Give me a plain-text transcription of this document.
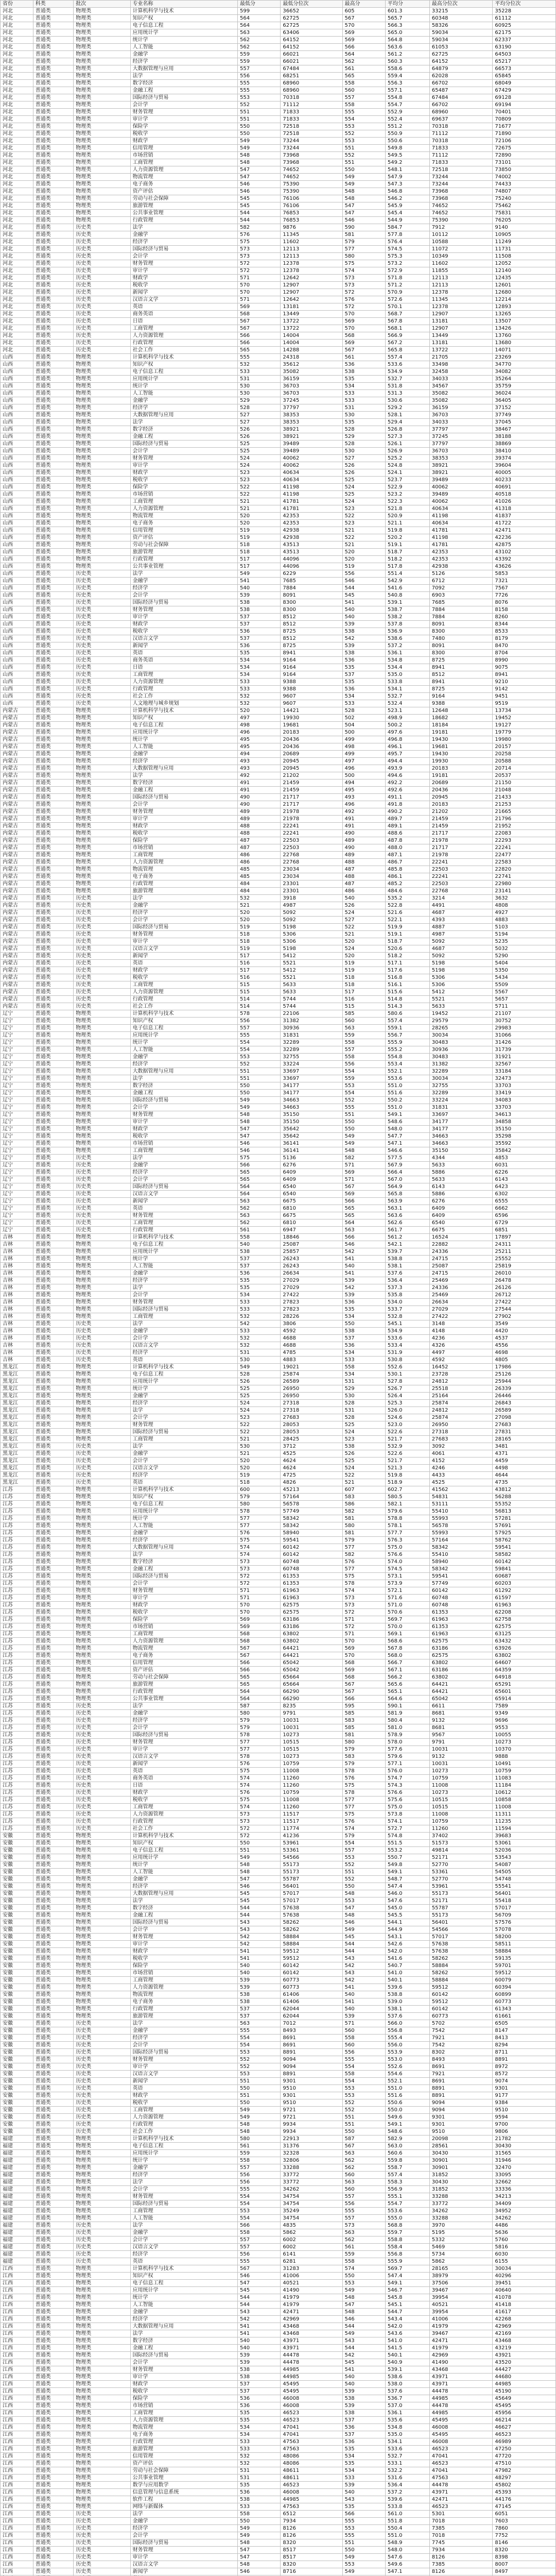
省份	科类	批次	专业名称	最低分	最低分位次	最高分	平均分	最高分位次	平均分位次
河北	普通类	物理类	计算机科学与技术	599	36652	605	601.3	33215	35228
河北	普通类	物理类	知识产权	564	62725	567	565.7	60348	61112
河北	普通类	物理类	电子信息工程	564	62725	570	566.3	58326	60925
河北	普通类	物理类	应用统计学	563	63406	569	565.0	59034	62175
河北	普通类	物理类	统计学	562	64152	569	564.8	59034	62337
河北	普通类	物理类	人工智能	562	64152	566	563.6	61053	63190
河北	普通类	物理类	金融学	559	66021	564	561.2	62725	64503
河北	普通类	物理类	经济学	559	66021	562	560.3	64152	65217
河北	普通类	物理类	大数据管理与应用	557	67484	561	558.6	64879	66573
河北	普通类	物理类	法学	556	68251	565	559.4	62028	65845
河北	普通类	物理类	数字经济	555	68960	558	556.3	66702	68049
河北	普通类	物理类	金融工程	555	68960	560	557.1	65487	67429
河北	普通类	物理类	国际经济与贸易	553	70318	557	554.8	67484	69128
河北	普通类	物理类	会计学	552	71112	558	554.7	66702	69194
河北	普通类	物理类	财务管理	551	71833	555	552.9	68960	70401
河北	普通类	物理类	审计学	551	71833	554	552.4	69637	70809
河北	普通类	物理类	保险学	550	72518	553	551.2	70318	71677
河北	普通类	物理类	税收学	550	72518	552	550.9	71112	71890
河北	普通类	物理类	财政学	549	73244	553	550.6	70318	72106
河北	普通类	物理类	信用管理	549	73244	551	549.8	71833	72675
河北	普通类	物理类	市场营销	548	73968	552	549.5	71112	72890
河北	普通类	物理类	工商管理	548	73968	551	549.2	71833	73101
河北	普通类	物理类	人力资源管理	547	74652	550	548.1	72518	73850
河北	普通类	物理类	物流管理	547	74652	549	547.9	73244	74002
河北	普通类	物理类	电子商务	546	75390	549	547.3	73244	74433
河北	普通类	物理类	资产评估	546	75390	548	546.8	73968	74807
河北	普通类	物理类	劳动与社会保障	545	76106	548	546.2	73968	75240
河北	普通类	物理类	旅游管理	545	76106	547	545.9	74652	75462
河北	普通类	物理类	公共事业管理	544	76853	547	545.4	74652	75831
河北	普通类	物理类	行政管理	544	76853	546	544.9	75390	76205
河北	普通类	历史类	法学	582	9876	590	584.7	7912	9140
河北	普通类	历史类	金融学	576	11345	581	577.8	10112	10905
河北	普通类	历史类	经济学	575	11602	579	576.4	10588	11249
河北	普通类	历史类	国际经济与贸易	573	12113	577	574.5	11072	11731
河北	普通类	历史类	会计学	573	12113	580	575.3	10349	11508
河北	普通类	历史类	财务管理	572	12378	575	573.2	11602	12052
河北	普通类	历史类	审计学	572	12378	574	572.9	11855	12140
河北	普通类	历史类	财政学	571	12642	573	571.8	12113	12435
河北	普通类	历史类	税收学	570	12907	573	571.2	12113	12601
河北	普通类	历史类	新闻学	570	12907	572	570.9	12378	12680
河北	普通类	历史类	汉语言文学	571	12642	576	572.6	11345	12214
河北	普通类	历史类	英语	569	13181	572	570.1	12378	12893
河北	普通类	历史类	商务英语	568	13449	570	568.7	12907	13265
河北	普通类	历史类	日语	567	13722	569	567.8	13181	13507
河北	普通类	历史类	工商管理	567	13722	570	568.1	12907	13426
河北	普通类	历史类	人力资源管理	566	14004	568	566.9	13449	13760
河北	普通类	历史类	行政管理	566	14004	569	567.2	13181	13680
河北	普通类	历史类	社会工作	565	14288	567	565.8	13722	14071
山西	普通类	物理类	计算机科学与技术	555	24318	561	557.4	21705	23269
山西	普通类	物理类	知识产权	532	35612	536	533.6	33498	34770
山西	普通类	物理类	电子信息工程	533	35082	538	534.9	32458	34082
山西	普通类	物理类	应用统计学	531	36159	535	532.7	34033	35264
山西	普通类	物理类	统计学	530	36703	534	531.8	34567	35759
山西	普通类	物理类	人工智能	530	36703	533	531.3	35082	36024
山西	普通类	物理类	金融学	529	37245	533	530.6	35082	36405
山西	普通类	物理类	经济学	528	37797	531	529.2	36159	37152
山西	普通类	物理类	大数据管理与应用	527	38353	530	528.1	36703	37749
山西	普通类	物理类	法学	527	38353	535	529.4	34033	37045
山西	普通类	物理类	数字经济	526	38921	528	526.8	37797	38467
山西	普通类	物理类	金融工程	526	38921	529	527.3	37245	38188
山西	普通类	物理类	国际经济与贸易	525	39489	528	526.1	37797	38869
山西	普通类	物理类	会计学	525	39489	530	526.9	36703	38410
山西	普通类	物理类	财务管理	524	40062	527	525.2	38353	39374
山西	普通类	物理类	审计学	524	40062	526	524.8	38921	39604
山西	普通类	物理类	财政学	523	40634	526	524.1	38921	40005
山西	普通类	物理类	税收学	523	40634	525	523.7	39489	40233
山西	普通类	物理类	保险学	522	41198	524	522.9	40062	40691
山西	普通类	物理类	市场营销	522	41198	525	523.2	39489	40518
山西	普通类	物理类	工商管理	521	41781	524	522.3	40062	41026
山西	普通类	物理类	人力资源管理	521	41781	523	521.8	40634	41318
山西	普通类	物理类	物流管理	520	42353	522	520.9	41198	41837
山西	普通类	物理类	电子商务	520	42353	523	521.1	40634	41722
山西	普通类	物理类	信用管理	519	42938	521	519.8	41781	42471
山西	普通类	物理类	资产评估	519	42938	522	520.2	41198	42236
山西	普通类	物理类	劳动与社会保障	518	43513	521	519.1	41781	42875
山西	普通类	物理类	旅游管理	518	43513	520	518.7	42353	43102
山西	普通类	物理类	行政管理	517	44096	520	518.2	42353	43392
山西	普通类	物理类	公共事业管理	517	44096	519	517.8	42938	43626
山西	普通类	历史类	法学	549	6229	556	551.4	5126	5853
山西	普通类	历史类	金融学	541	7685	546	542.9	6712	7321
山西	普通类	历史类	经济学	540	7884	544	541.6	7092	7567
山西	普通类	历史类	会计学	539	8091	545	540.8	6903	7726
山西	普通类	历史类	国际经济与贸易	538	8300	541	539.1	7685	8076
山西	普通类	历史类	财务管理	538	8300	540	538.7	7884	8158
山西	普通类	历史类	审计学	537	8512	540	538.2	7884	8260
山西	普通类	历史类	财政学	537	8512	539	537.8	8091	8344
山西	普通类	历史类	税收学	536	8725	538	536.9	8300	8533
山西	普通类	历史类	汉语言文学	537	8512	542	538.6	7480	8179
山西	普通类	历史类	新闻学	536	8725	539	537.2	8091	8470
山西	普通类	历史类	英语	535	8941	538	536.1	8300	8704
山西	普通类	历史类	商务英语	534	9164	536	534.8	8725	8990
山西	普通类	历史类	日语	534	9164	535	534.4	8941	9075
山西	普通类	历史类	工商管理	534	9164	537	535.0	8512	8941
山西	普通类	历史类	人力资源管理	533	9388	535	533.8	8941	9210
山西	普通类	历史类	行政管理	533	9388	536	534.1	8725	9142
山西	普通类	历史类	社会工作	532	9607	534	532.7	9164	9451
山西	普通类	历史类	人文地理与城乡规划	532	9607	533	532.4	9388	9519
内蒙古	普通类	物理类	计算机科学与技术	520	14421	528	523.1	12648	13734
内蒙古	普通类	物理类	知识产权	497	19930	502	498.9	18682	19452
内蒙古	普通类	物理类	电子信息工程	498	19681	504	500.2	18184	19127
内蒙古	普通类	物理类	应用统计学	496	20183	500	497.6	19181	19779
内蒙古	普通类	物理类	统计学	495	20436	499	496.8	19430	19980
内蒙古	普通类	物理类	人工智能	495	20436	498	496.1	19681	20157
内蒙古	普通类	物理类	金融学	494	20689	499	495.7	19430	20258
内蒙古	普通类	物理类	经济学	493	20945	497	494.4	19930	20588
内蒙古	普通类	物理类	大数据管理与应用	493	20945	496	493.9	20183	20714
内蒙古	普通类	物理类	法学	492	21202	500	494.6	19181	20537
内蒙古	普通类	物理类	数字经济	491	21459	494	492.2	20689	21150
内蒙古	普通类	物理类	金融工程	491	21459	495	492.6	20436	21048
内蒙古	普通类	物理类	国际经济与贸易	490	21717	493	491.1	20945	21433
内蒙古	普通类	物理类	会计学	490	21717	496	491.8	20183	21253
内蒙古	普通类	物理类	财务管理	489	21978	492	490.2	21202	21665
内蒙古	普通类	物理类	审计学	489	21978	491	489.7	21459	21796
内蒙古	普通类	物理类	财政学	488	22241	491	489.1	21459	21952
内蒙古	普通类	物理类	税收学	488	22241	490	488.6	21717	22083
内蒙古	普通类	物理类	保险学	487	22503	489	487.8	21978	22293
内蒙古	普通类	物理类	市场营销	487	22503	490	488.0	21717	22241
内蒙古	普通类	物理类	工商管理	486	22768	489	487.1	21978	22477
内蒙古	普通类	物理类	人力资源管理	486	22768	488	486.7	22241	22583
内蒙古	普通类	物理类	物流管理	485	23034	487	485.8	22503	22820
内蒙古	普通类	物理类	电子商务	485	23034	488	486.1	22241	22741
内蒙古	普通类	物理类	行政管理	484	23301	487	485.2	22503	22980
内蒙古	普通类	物理类	旅游管理	484	23301	486	484.6	22768	23141
内蒙古	普通类	历史类	法学	532	3918	540	535.2	3214	3632
内蒙古	普通类	历史类	金融学	521	4987	526	522.8	4491	4808
内蒙古	普通类	历史类	经济学	520	5092	524	521.6	4687	4927
内蒙古	普通类	历史类	会计学	520	5092	527	522.1	4393	4883
内蒙古	普通类	历史类	国际经济与贸易	519	5198	522	519.9	4887	5103
内蒙古	普通类	历史类	财务管理	518	5306	521	519.1	4987	5194
内蒙古	普通类	历史类	审计学	518	5306	520	518.7	5092	5235
内蒙古	普通类	历史类	汉语言文学	519	5198	524	520.6	4687	5032
内蒙古	普通类	历史类	新闻学	517	5412	520	518.2	5092	5290
内蒙古	普通类	历史类	英语	516	5521	519	517.1	5198	5404
内蒙古	普通类	历史类	财政学	517	5412	519	517.6	5198	5350
内蒙古	普通类	历史类	税收学	516	5521	518	516.8	5306	5434
内蒙古	普通类	历史类	工商管理	515	5633	518	516.1	5306	5509
内蒙古	普通类	历史类	人力资源管理	515	5633	517	515.6	5412	5567
内蒙古	普通类	历史类	行政管理	514	5744	516	514.8	5521	5657
内蒙古	普通类	历史类	社会工作	514	5744	515	514.3	5633	5711
辽宁	普通类	物理类	计算机科学与技术	578	22106	585	580.6	19452	21107
辽宁	普通类	物理类	知识产权	556	31382	560	557.4	29579	30752
辽宁	普通类	物理类	电子信息工程	557	30936	563	559.1	28265	29983
辽宁	普通类	物理类	应用统计学	555	31831	559	556.7	30034	31066
辽宁	普通类	物理类	统计学	554	32289	558	555.9	30483	31426
辽宁	普通类	物理类	人工智能	554	32289	557	555.2	30936	31739
辽宁	普通类	物理类	金融学	553	32755	558	554.8	30483	31921
辽宁	普通类	物理类	经济学	552	33224	556	553.4	31382	32567
辽宁	普通类	物理类	大数据管理与应用	551	33697	554	552.1	32289	33184
辽宁	普通类	物理类	法学	551	33697	559	553.6	30034	32473
辽宁	普通类	物理类	数字经济	550	34177	553	551.0	32755	33703
辽宁	普通类	物理类	金融工程	550	34177	554	551.6	32289	33419
辽宁	普通类	物理类	国际经济与贸易	549	34663	552	550.2	33224	34083
辽宁	普通类	物理类	会计学	549	34663	555	551.0	31831	33703
辽宁	普通类	物理类	财务管理	548	35150	551	549.1	33697	34613
辽宁	普通类	物理类	审计学	548	35150	550	548.6	34177	34858
辽宁	普通类	物理类	财政学	547	35642	550	548.0	34177	35150
辽宁	普通类	物理类	税收学	547	35642	549	547.7	34663	35298
辽宁	普通类	物理类	市场营销	546	36141	549	547.1	34663	35592
辽宁	普通类	物理类	工商管理	546	36141	548	546.6	35150	35842
辽宁	普通类	历史类	法学	575	5136	582	577.5	4344	4853
辽宁	普通类	历史类	金融学	566	6276	571	567.9	5633	6031
辽宁	普通类	历史类	经济学	565	6409	569	566.4	5886	6226
辽宁	普通类	历史类	会计学	565	6409	571	567.0	5633	6143
辽宁	普通类	历史类	国际经济与贸易	564	6540	567	564.9	6143	6423
辽宁	普通类	历史类	汉语言文学	564	6540	569	565.8	5886	6302
辽宁	普通类	历史类	新闻学	563	6675	566	563.9	6276	6555
辽宁	普通类	历史类	英语	562	6810	565	563.1	6409	6662
辽宁	普通类	历史类	财务管理	563	6675	565	563.6	6409	6596
辽宁	普通类	历史类	工商管理	562	6810	564	562.6	6540	6729
辽宁	普通类	历史类	行政管理	561	6947	563	561.7	6675	6851
吉林	普通类	物理类	计算机科学与技术	558	18846	566	561.2	16524	17897
吉林	普通类	物理类	电子信息工程	540	25087	546	542.1	22882	24311
吉林	普通类	物理类	应用统计学	538	25857	542	539.7	24336	25211
吉林	普通类	物理类	统计学	537	26243	541	538.8	24715	25552
吉林	普通类	物理类	人工智能	537	26243	540	538.1	25087	25819
吉林	普通类	物理类	金融学	536	26634	541	537.6	24715	26010
吉林	普通类	物理类	经济学	535	27029	539	536.4	25469	26478
吉林	普通类	物理类	法学	535	27029	542	537.3	24336	26126
吉林	普通类	物理类	会计学	534	27422	539	535.8	25469	26712
吉林	普通类	物理类	财务管理	533	27823	536	534.0	26634	27422
吉林	普通类	物理类	国际经济与贸易	533	27823	535	533.7	27029	27544
吉林	普通类	物理类	工商管理	532	28226	534	532.8	27422	27902
吉林	普通类	历史类	法学	542	3806	550	545.1	3148	3549
吉林	普通类	历史类	金融学	533	4592	538	534.9	4148	4420
吉林	普通类	历史类	会计学	532	4688	537	533.6	4236	4537
吉林	普通类	历史类	汉语言文学	532	4688	536	533.4	4326	4556
吉林	普通类	历史类	经济学	531	4785	534	531.9	4497	4698
吉林	普通类	历史类	英语	530	4883	533	530.8	4592	4805
黑龙江	普通类	物理类	计算机科学与技术	549	19021	558	552.6	16452	17986
黑龙江	普通类	物理类	电子信息工程	528	25874	534	530.1	23728	25126
黑龙江	普通类	物理类	应用统计学	526	26589	531	527.8	24812	25944
黑龙江	普通类	物理类	统计学	525	26950	529	526.7	25518	26339
黑龙江	普通类	物理类	金融学	525	26950	530	526.4	25164	26446
黑龙江	普通类	物理类	经济学	524	27318	528	525.3	25874	26843
黑龙江	普通类	物理类	法学	524	27318	531	526.0	24812	26589
黑龙江	普通类	物理类	会计学	523	27683	528	524.6	25874	27098
黑龙江	普通类	物理类	财务管理	522	28053	525	523.0	26950	27683
黑龙江	普通类	物理类	国际经济与贸易	522	28053	524	522.6	27318	27831
黑龙江	普通类	物理类	工商管理	521	28425	523	521.7	27683	28165
黑龙江	普通类	历史类	法学	530	3712	538	532.9	3092	3481
黑龙江	普通类	历史类	金融学	521	4525	526	522.6	4061	4371
黑龙江	普通类	历史类	会计学	520	4624	525	521.7	4152	4459
黑龙江	普通类	历史类	汉语言文学	520	4624	524	521.3	4246	4498
黑龙江	普通类	历史类	经济学	519	4725	522	519.8	4433	4644
黑龙江	普通类	历史类	英语	518	4826	521	518.9	4525	4735
江苏	普通类	物理类	计算机科学与技术	600	45213	607	602.7	41562	43812
江苏	普通类	物理类	知识产权	579	57164	583	580.5	54831	56288
江苏	普通类	物理类	电子信息工程	580	56578	586	582.1	53111	55352
江苏	普通类	物理类	应用统计学	578	57749	582	579.6	55410	56813
江苏	普通类	物理类	统计学	577	58342	581	578.8	55993	57281
江苏	普通类	物理类	人工智能	577	58342	580	578.1	56578	57691
江苏	普通类	物理类	金融学	576	58940	581	577.7	55993	57925
江苏	普通类	物理类	经济学	575	59541	579	576.3	57164	58762
江苏	普通类	物理类	大数据管理与应用	574	60142	577	575.0	58342	59541
江苏	普通类	物理类	法学	574	60142	582	576.6	55410	58582
江苏	普通类	物理类	数字经济	573	60748	576	574.0	58940	60142
江苏	普通类	物理类	金融工程	573	60748	577	574.5	58342	59841
江苏	普通类	物理类	国际经济与贸易	572	61353	575	573.1	59541	60687
江苏	普通类	物理类	会计学	572	61353	578	573.9	57749	60203
江苏	普通类	物理类	财务管理	571	61963	574	572.1	60142	61292
江苏	普通类	物理类	审计学	571	61963	573	571.6	60748	61597
江苏	普通类	物理类	财政学	570	62575	573	571.0	60748	61963
江苏	普通类	物理类	税收学	570	62575	572	570.6	61353	62208
江苏	普通类	物理类	保险学	569	63186	571	569.7	61963	62758
江苏	普通类	物理类	市场营销	569	63186	572	570.0	61353	62575
江苏	普通类	物理类	工商管理	568	63802	571	569.1	61963	63125
江苏	普通类	物理类	人力资源管理	568	63802	570	568.6	62575	63432
江苏	普通类	物理类	物流管理	567	64421	569	567.8	63186	63926
江苏	普通类	物理类	电子商务	567	64421	570	568.0	62575	63802
江苏	普通类	物理类	信用管理	566	65042	568	566.7	63802	64607
江苏	普通类	物理类	资产评估	566	65042	569	567.1	63186	64359
江苏	普通类	物理类	劳动与社会保障	565	65664	568	566.2	63802	64918
江苏	普通类	物理类	旅游管理	565	65664	567	565.6	64421	65291
江苏	普通类	物理类	行政管理	564	66290	567	565.1	64421	65601
江苏	普通类	物理类	公共事业管理	564	66290	566	564.6	65042	65914
江苏	普通类	历史类	法学	587	8235	595	590.1	6611	7589
江苏	普通类	历史类	金融学	580	9791	585	581.9	8681	9349
江苏	普通类	历史类	经济学	579	10031	583	580.4	9132	9696
江苏	普通类	历史类	会计学	579	10031	585	581.0	8681	9553
江苏	普通类	历史类	国际经济与贸易	578	10273	581	578.9	9567	10055
江苏	普通类	历史类	财务管理	577	10515	580	578.0	9791	10273
江苏	普通类	历史类	审计学	577	10515	579	577.6	10031	10370
江苏	普通类	历史类	汉语言文学	578	10273	583	579.6	9132	9888
江苏	普通类	历史类	新闻学	576	10759	579	577.1	10031	10491
江苏	普通类	历史类	英语	575	11008	578	576.0	10273	10759
江苏	普通类	历史类	商务英语	574	11260	576	574.7	10759	11083
江苏	普通类	历史类	日语	574	11260	575	574.3	11008	11184
江苏	普通类	历史类	财政学	576	10759	578	576.6	10273	10612
江苏	普通类	历史类	税收学	575	11008	577	575.6	10515	10858
江苏	普通类	历史类	工商管理	574	11260	577	575.0	10515	11008
江苏	普通类	历史类	人力资源管理	573	11517	575	573.8	11008	11311
江苏	普通类	历史类	行政管理	573	11517	576	574.1	10759	11235
江苏	普通类	历史类	社会工作	572	11774	574	572.7	11260	11594
安徽	普通类	物理类	计算机科学与技术	572	41236	579	574.8	37402	39683
安徽	普通类	物理类	知识产权	550	53961	554	551.5	51573	53061
安徽	普通类	物理类	电子信息工程	551	53361	557	553.2	49814	52036
安徽	普通类	物理类	应用统计学	549	54566	553	550.7	52171	53543
安徽	普通类	物理类	统计学	548	55173	552	549.8	52770	54087
安徽	普通类	物理类	人工智能	548	55173	551	549.1	53361	54505
安徽	普通类	物理类	金融学	547	55787	552	548.7	52770	54748
安徽	普通类	物理类	经济学	546	56401	550	547.4	53961	55541
安徽	普通类	物理类	大数据管理与应用	545	57017	548	546.0	55173	56401
安徽	普通类	物理类	法学	545	57017	553	547.6	52171	55418
安徽	普通类	物理类	数字经济	544	57638	547	545.0	55787	57017
安徽	普通类	物理类	金融工程	544	57638	548	545.5	55173	56709
安徽	普通类	物理类	国际经济与贸易	543	58262	546	544.1	56401	57576
安徽	普通类	物理类	会计学	543	58262	549	544.9	54566	57078
安徽	普通类	物理类	财务管理	542	58884	545	543.1	57017	58200
安徽	普通类	物理类	审计学	542	58884	544	542.6	57638	58511
安徽	普通类	物理类	财政学	541	59512	544	542.0	57638	58884
安徽	普通类	物理类	税收学	541	59512	543	541.6	58262	59135
安徽	普通类	物理类	保险学	540	60142	542	540.7	58884	59701
安徽	普通类	物理类	市场营销	540	60142	543	541.0	58262	59512
安徽	普通类	物理类	工商管理	539	60773	542	540.1	58884	60079
安徽	普通类	物理类	人力资源管理	539	60773	541	539.6	59512	60394
安徽	普通类	物理类	物流管理	538	61406	540	538.8	60142	60899
安徽	普通类	物理类	电子商务	538	61406	541	539.0	59512	60773
安徽	普通类	物理类	行政管理	537	62044	540	538.1	60142	61343
安徽	普通类	物理类	旅游管理	537	62044	539	537.6	60773	61661
安徽	普通类	历史类	法学	563	7012	571	566.0	5702	6505
安徽	普通类	历史类	金融学	555	8493	560	556.8	7542	8147
安徽	普通类	历史类	经济学	554	8691	558	555.4	7921	8413
安徽	普通类	历史类	会计学	554	8691	560	556.0	7542	8294
安徽	普通类	历史类	国际经济与贸易	553	8891	556	553.9	8302	8711
安徽	普通类	历史类	财务管理	552	9094	555	553.0	8493	8891
安徽	普通类	历史类	审计学	552	9094	554	552.6	8691	8972
安徽	普通类	历史类	汉语言文学	553	8891	558	554.6	7921	8572
安徽	普通类	历史类	新闻学	551	9301	554	552.1	8691	9074
安徽	普通类	历史类	英语	550	9510	553	551.0	8891	9301
安徽	普通类	历史类	财政学	551	9301	553	551.6	8891	9177
安徽	普通类	历史类	税收学	550	9510	552	550.6	9094	9384
安徽	普通类	历史类	工商管理	549	9721	552	550.0	9094	9510
安徽	普通类	历史类	人力资源管理	549	9721	551	549.6	9301	9594
安徽	普通类	历史类	行政管理	548	9934	551	549.1	9301	9700
安徽	普通类	历史类	社会工作	548	9934	550	548.6	9510	9806
福建	普通类	物理类	计算机科学与技术	580	22913	587	582.9	20098	21782
福建	普通类	物理类	电子信息工程	561	31376	567	563.0	28561	30430
福建	普通类	物理类	应用统计学	559	32328	563	560.6	30430	31565
福建	普通类	物理类	统计学	558	32806	562	559.8	30901	31946
福建	普通类	物理类	金融学	557	33288	562	558.7	30901	32470
福建	普通类	物理类	经济学	556	33772	560	557.4	31852	33095
福建	普通类	物理类	法学	556	33772	563	558.3	30430	32662
福建	普通类	物理类	会计学	555	34262	560	556.9	31852	33336
福建	普通类	物理类	财务管理	554	34754	557	555.1	33288	34213
福建	普通类	物理类	国际经济与贸易	554	34754	556	554.7	33772	34409
福建	普通类	物理类	工商管理	553	35249	555	553.6	34262	34952
福建	普通类	物理类	人工智能	554	34754	557	555.0	33288	34262
福建	普通类	历史类	法学	566	4835	573	568.8	3970	4486
福建	普通类	历史类	金融学	558	5862	563	559.7	5195	5636
福建	普通类	历史类	会计学	557	6002	562	558.8	5332	5760
福建	普通类	历史类	汉语言文学	557	6002	561	558.4	5469	5816
福建	普通类	历史类	经济学	556	6141	559	556.8	5734	6030
福建	普通类	历史类	英语	555	6281	558	555.9	5862	6155
江西	普通类	物理类	计算机科学与技术	567	31283	574	569.7	28165	30034
江西	普通类	物理类	知识产权	546	41006	550	547.4	38979	40296
江西	普通类	物理类	电子信息工程	547	40521	553	549.1	37506	39451
江西	普通类	物理类	应用统计学	545	41490	549	546.7	39467	40640
江西	普通类	物理类	统计学	544	41979	548	545.8	39954	41078
江西	普通类	物理类	人工智能	544	41979	547	545.1	40521	41418
江西	普通类	物理类	金融学	543	42471	548	544.7	39954	41617
江西	普通类	物理类	经济学	542	42969	546	543.4	41006	42268
江西	普通类	物理类	大数据管理与应用	541	43468	544	542.0	41979	42969
江西	普通类	物理类	法学	541	43468	549	543.6	39467	42169
江西	普通类	物理类	数字经济	540	43971	543	541.0	42471	43468
江西	普通类	物理类	金融工程	540	43971	544	541.5	41979	43219
江西	普通类	物理类	国际经济与贸易	539	44478	542	540.1	42969	43921
江西	普通类	物理类	会计学	539	44478	545	540.9	41490	43520
江西	普通类	物理类	财务管理	538	44985	541	539.1	43468	44427
江西	普通类	物理类	审计学	538	44985	540	538.6	43971	44680
江西	普通类	物理类	财政学	537	45495	540	538.0	43971	44985
江西	普通类	物理类	税收学	537	45495	539	537.6	44478	45190
江西	普通类	物理类	保险学	536	46008	538	536.7	44985	45649
江西	普通类	物理类	市场营销	536	46008	539	537.0	44478	45495
江西	普通类	物理类	工商管理	535	46523	538	536.1	44985	45956
江西	普通类	物理类	人力资源管理	535	46523	537	535.6	45495	46214
江西	普通类	物理类	物流管理	534	47041	536	534.8	46008	46627
江西	普通类	物理类	电子商务	534	47041	537	535.0	45495	46523
江西	普通类	物理类	行政管理	533	47563	536	534.1	46008	46989
江西	普通类	物理类	旅游管理	533	47563	535	533.6	46523	47250
江西	普通类	物理类	信用管理	532	48086	534	532.7	47041	47720
江西	普通类	物理类	资产评估	532	48086	535	533.1	46523	47510
江西	普通类	物理类	劳动与社会保障	531	48611	534	532.2	47041	47982
江西	普通类	物理类	公共事业管理	531	48611	533	531.6	47563	48297
江西	普通类	物理类	数学与应用数学	535	46523	539	536.4	44478	45802
江西	普通类	物理类	信息管理与信息系统	536	46008	540	537.2	43971	45393
江西	普通类	物理类	软件工程	538	44985	543	539.6	42471	44176
江西	普通类	物理类	网络与新媒体	533	47563	535	533.8	46523	47145
江西	普通类	历史类	法学	558	6512	566	561.0	5301	6051
江西	普通类	历史类	金融学	550	7934	555	551.8	7018	7603
江西	普通类	历史类	经济学	549	8126	553	550.4	7385	7860
江西	普通类	历史类	会计学	549	8126	555	551.0	7018	7752
江西	普通类	历史类	国际经济与贸易	548	8320	551	548.9	7745	8146
江西	普通类	历史类	财务管理	547	8517	550	548.0	7934	8320
江西	普通类	历史类	审计学	547	8517	549	547.6	8126	8398
江西	普通类	历史类	汉语言文学	548	8320	553	549.6	7385	8007
江西	普通类	历史类	新闻学	546	8716	549	547.1	8126	8497
